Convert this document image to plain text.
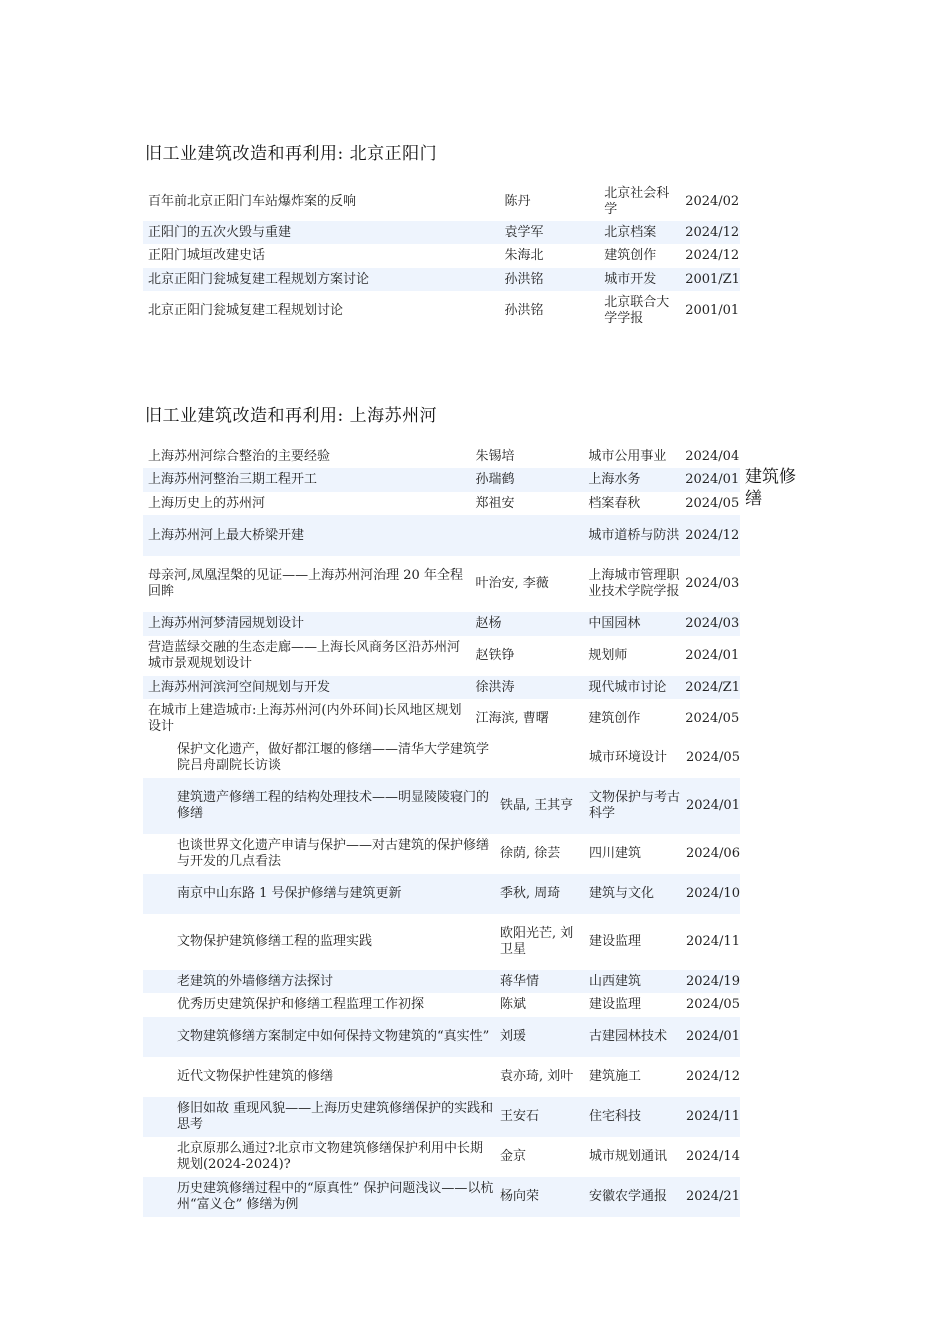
旧工业建筑改造和再利用: 北京正阳门
百年前北京正阳门车站爆炸案的反响	陈丹	北京社会科学	2024/02
正阳门的五次火毁与重建	袁学军	北京档案	2024/12
正阳门城垣改建史话	朱海北	建筑创作	2024/12
北京正阳门瓮城复建工程规划方案讨论	孙洪铭	城市开发	2001/Z1
北京正阳门瓮城复建工程规划讨论	孙洪铭	北京联合大学学报	2001/01
旧工业建筑改造和再利用: 上海苏州河
上海苏州河综合整治的主要经验	朱锡培	城市公用事业	2024/04
上海苏州河整治三期工程开工	孙瑞鹤	上海水务	2024/01
上海历史上的苏州河	郑祖安	档案春秋	2024/05
上海苏州河上最大桥梁开建		城市道桥与防洪	2024/12
母亲河,凤凰涅槃的见证——上海苏州河治理 20 年全程回眸	叶治安, 李薇	上海城市管理职业技术学院学报	2024/03
上海苏州河梦清园规划设计	赵杨	中国园林	2024/03
营造蓝绿交融的生态走廊——上海长风商务区沿苏州河城市景观规划设计	赵铁铮	规划师	2024/01
上海苏州河滨河空间规划与开发	徐洪涛	现代城市讨论	2024/Z1
在城市上建造城市:上海苏州河(内外环间)长风地区规划设计	江海滨, 曹曙	建筑创作	2024/05
建筑修缮
保护文化遗产，做好都江堰的修缮——清华大学建筑学院吕舟副院长访谈		城市环境设计	2024/05
建筑遗产修缮工程的结构处理技术——明显陵陵寝门的修缮	铁晶, 王其亨	文物保护与考古科学	2024/01
也谈世界文化遗产申请与保护——对古建筑的保护修缮与开发的几点看法	徐荫, 徐芸	四川建筑	2024/06
南京中山东路 1 号保护修缮与建筑更新	季秋, 周琦	建筑与文化	2024/10
文物保护建筑修缮工程的监理实践	欧阳光芒, 刘卫星	建设监理	2024/11
老建筑的外墙修缮方法探讨	蒋华情	山西建筑	2024/19
优秀历史建筑保护和修缮工程监理工作初探	陈斌	建设监理	2024/05
文物建筑修缮方案制定中如何保持文物建筑的“真实性”	刘瑗	古建园林技术	2024/01
近代文物保护性建筑的修缮	袁亦琦, 刘叶	建筑施工	2024/12
修旧如故 重现风貌——上海历史建筑修缮保护的实践和思考	王安石	住宅科技	2024/11
北京原那么通过?北京市文物建筑修缮保护利用中长期规划(2024-2024)?	金京	城市规划通讯	2024/14
历史建筑修缮过程中的“原真性” 保护问题浅议——以杭州“富义仓” 修缮为例	杨向荣	安徽农学通报	2024/21
